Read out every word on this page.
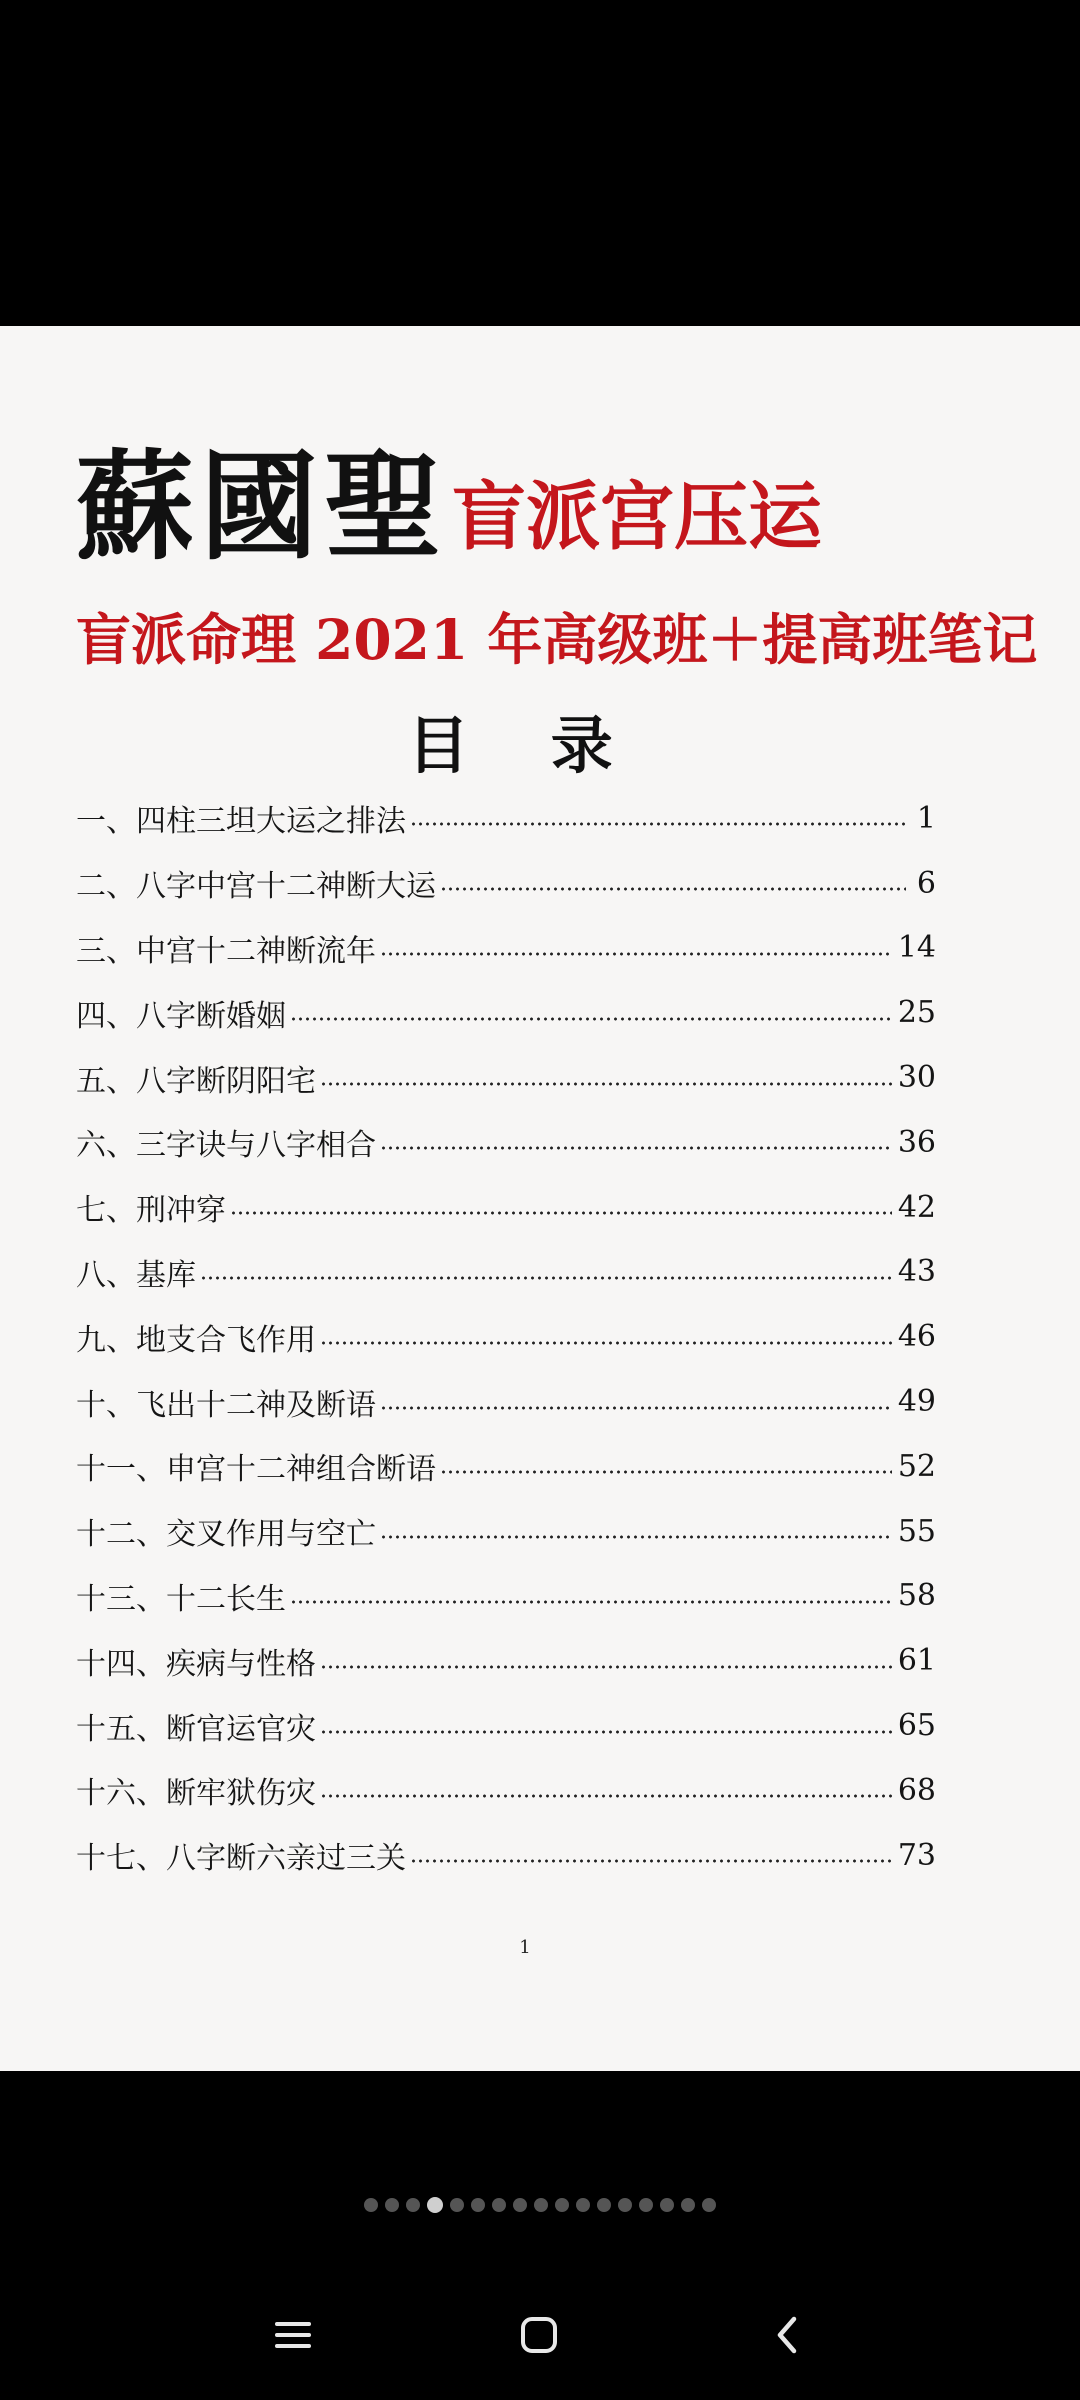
蘇國聖 盲派宫压运
盲派命理 2021 年高级班＋提高班笔记
目 录
一、四柱三坦大运之排法	1
二、八字中宫十二神断大运	6
三、中宫十二神断流年	14
四、八字断婚姻	25
五、八字断阴阳宅	30
六、三字诀与八字相合	36
七、刑冲穿	42
八、基库	43
九、地支合飞作用	46
十、飞出十二神及断语	49
十一、申宫十二神组合断语	52
十二、交叉作用与空亡	55
十三、十二长生	58
十四、疾病与性格	61
十五、断官运官灾	65
十六、断牢狱伤灾	68
十七、八字断六亲过三关	73
1
